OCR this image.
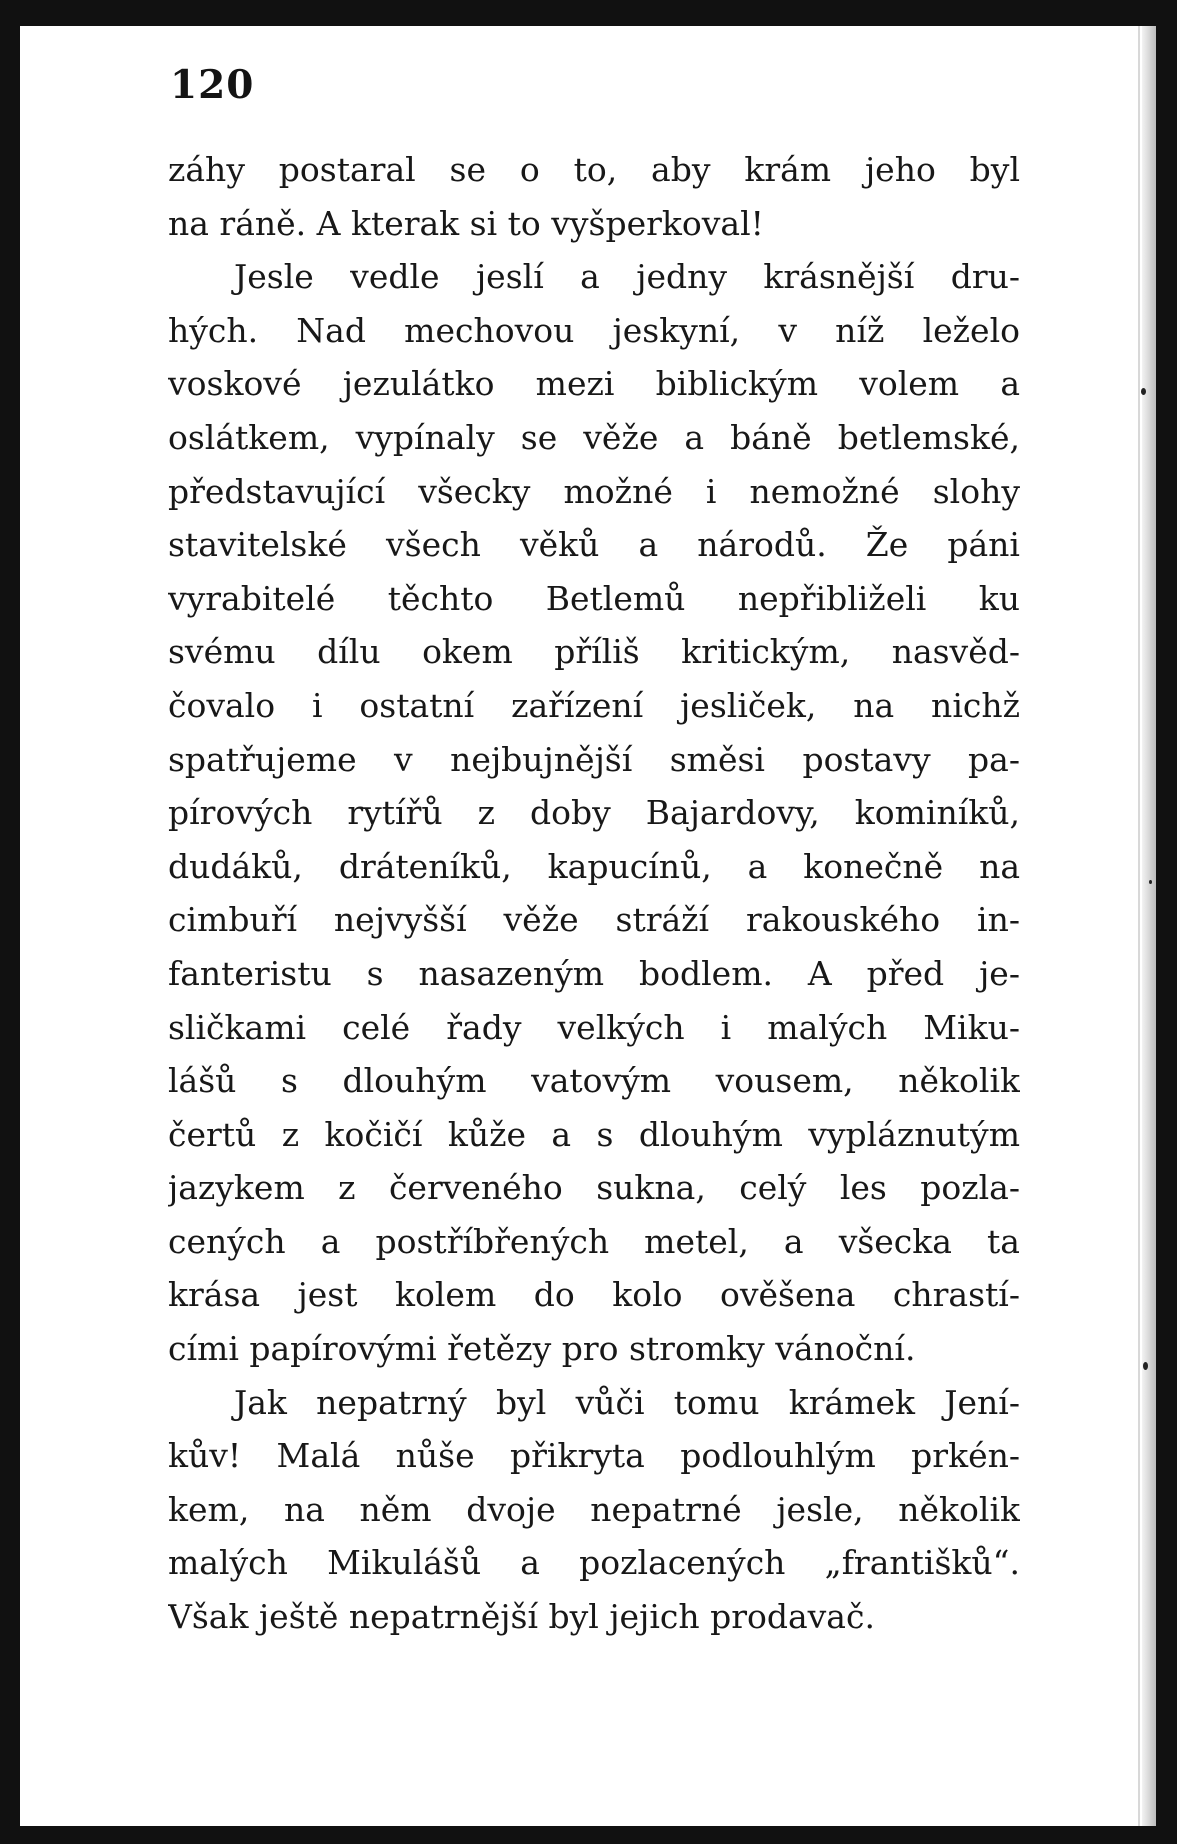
120
záhy postaral se o to, aby krám jeho byl
na ráně. A kterak si to vyšperkoval!
Jesle vedle jeslí a jedny krásnější dru-
hých. Nad mechovou jeskyní, v níž leželo
voskové jezulátko mezi biblickým volem a
oslátkem, vypínaly se věže a báně betlemské,
představující všecky možné i nemožné slohy
stavitelské všech věků a národů. Že páni
vyrabitelé těchto Betlemů nepřibliželi ku
svému dílu okem příliš kritickým, nasvěd-
čovalo i ostatní zařízení jesliček, na nichž
spatřujeme v nejbujnější směsi postavy pa-
pírových rytířů z doby Bajardovy, kominíků,
dudáků, dráteníků, kapucínů, a konečně na
cimbuří nejvyšší věže stráží rakouského in-
fanteristu s nasazeným bodlem. A před je-
sličkami celé řady velkých i malých Miku-
lášů s dlouhým vatovým vousem, několik
čertů z kočičí kůže a s dlouhým vypláznutým
jazykem z červeného sukna, celý les pozla-
cených a postříbřených metel, a všecka ta
krása jest kolem do kolo ověšena chrastí-
cími papírovými řetězy pro stromky vánoční.
Jak nepatrný byl vůči tomu krámek Jení-
kův! Malá nůše přikryta podlouhlým prkén-
kem, na něm dvoje nepatrné jesle, několik
malých Mikulášů a pozlacených „františků“.
Však ještě nepatrnější byl jejich prodavač.
